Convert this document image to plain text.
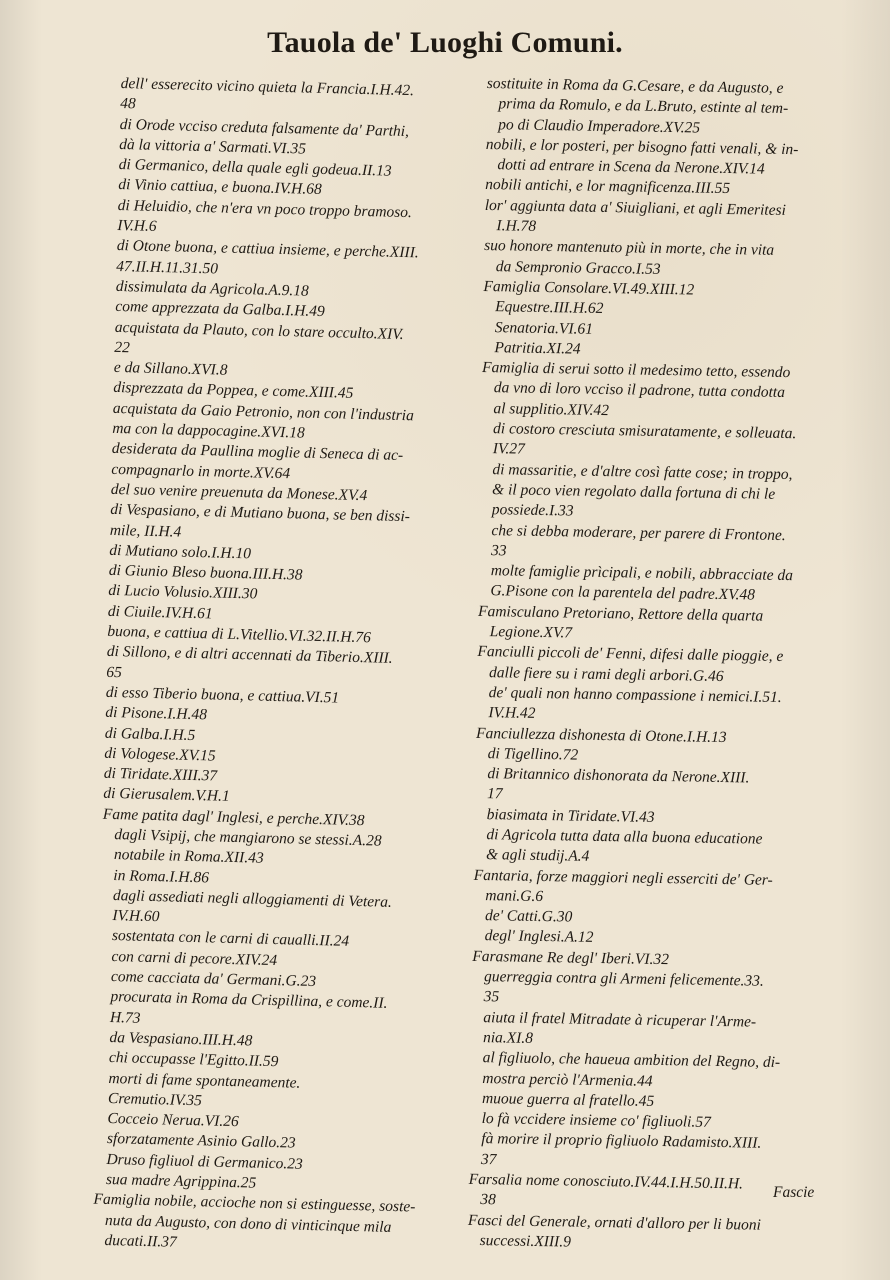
Tauola de' Luoghi Comuni.
dell' esserecito vicino quieta la Francia.I.H.42.
48
di Orode vcciso creduta falsamente da' Parthi,
dà la vittoria a' Sarmati.VI.35
di Germanico, della quale egli godeua.II.13
di Vinio cattiua, e buona.IV.H.68
di Heluidio, che n'era vn poco troppo bramoso.
IV.H.6
di Otone buona, e cattiua insieme, e perche.XIII.
47.II.H.11.31.50
dissimulata da Agricola.A.9.18
come apprezzata da Galba.I.H.49
acquistata da Plauto, con lo stare occulto.XIV.
22
e da Sillano.XVI.8
disprezzata da Poppea, e come.XIII.45
acquistata da Gaio Petronio, non con l'industria
ma con la dappocagine.XVI.18
desiderata da Paullina moglie di Seneca di ac-
compagnarlo in morte.XV.64
del suo venire preuenuta da Monese.XV.4
di Vespasiano, e di Mutiano buona, se ben dissi-
mile, II.H.4
di Mutiano solo.I.H.10
di Giunio Bleso buona.III.H.38
di Lucio Volusio.XIII.30
di Ciuile.IV.H.61
buona, e cattiua di L.Vitellio.VI.32.II.H.76
di Sillono, e di altri accennati da Tiberio.XIII.
65
di esso Tiberio buona, e cattiua.VI.51
di Pisone.I.H.48
di Galba.I.H.5
di Vologese.XV.15
di Tiridate.XIII.37
di Gierusalem.V.H.1
Fame patita dagl' Inglesi, e perche.XIV.38
dagli Vsipij, che mangiarono se stessi.A.28
notabile in Roma.XII.43
in Roma.I.H.86
dagli assediati negli alloggiamenti di Vetera.
IV.H.60
sostentata con le carni di caualli.II.24
con carni di pecore.XIV.24
come cacciata da' Germani.G.23
procurata in Roma da Crispillina, e come.II.
H.73
da Vespasiano.III.H.48
chi occupasse l'Egitto.II.59
morti di fame spontaneamente.
Cremutio.IV.35
Cocceio Nerua.VI.26
sforzatamente Asinio Gallo.23
Druso figliuol di Germanico.23
sua madre Agrippina.25
Famiglia nobile, accioche non si estinguesse, soste-
nuta da Augusto, con dono di vinticinque mila
ducati.II.37
sostituite in Roma da G.Cesare, e da Augusto, e
prima da Romulo, e da L.Bruto, estinte al tem-
po di Claudio Imperadore.XV.25
nobili, e lor posteri, per bisogno fatti venali, & in-
dotti ad entrare in Scena da Nerone.XIV.14
nobili antichi, e lor magnificenza.III.55
lor' aggiunta data a' Siuigliani, et agli Emeritesi
I.H.78
suo honore mantenuto più in morte, che in vita
da Sempronio Gracco.I.53
Famiglia Consolare.VI.49.XIII.12
Equestre.III.H.62
Senatoria.VI.61
Patritia.XI.24
Famiglia di serui sotto il medesimo tetto, essendo
da vno di loro vcciso il padrone, tutta condotta
al supplitio.XIV.42
di costoro cresciuta smisuratamente, e solleuata.
IV.27
di massaritie, e d'altre così fatte cose; in troppo,
& il poco vien regolato dalla fortuna di chi le
possiede.I.33
che si debba moderare, per parere di Frontone.
33
molte famiglie prìcipali, e nobili, abbracciate da
G.Pisone con la parentela del padre.XV.48
Famisculano Pretoriano, Rettore della quarta
Legione.XV.7
Fanciulli piccoli de' Fenni, difesi dalle pioggie, e
dalle fiere su i rami degli arbori.G.46
de' quali non hanno compassione i nemici.I.51.
IV.H.42
Fanciullezza dishonesta di Otone.I.H.13
di Tigellino.72
di Britannico dishonorata da Nerone.XIII.
17
biasimata in Tiridate.VI.43
di Agricola tutta data alla buona educatione
& agli studij.A.4
Fantaria, forze maggiori negli esserciti de' Ger-
mani.G.6
de' Catti.G.30
degl' Inglesi.A.12
Farasmane Re degl' Iberi.VI.32
guerreggia contra gli Armeni felicemente.33.
35
aiuta il fratel Mitradate à ricuperar l'Arme-
nia.XI.8
al figliuolo, che haueua ambition del Regno, di-
mostra perciò l'Armenia.44
muoue guerra al fratello.45
lo fà vccidere insieme co' figliuoli.57
fà morire il proprio figliuolo Radamisto.XIII.
37
Farsalia nome conosciuto.IV.44.I.H.50.II.H.
38
Fasci del Generale, ornati d'alloro per li buoni
successi.XIII.9
Fascie
